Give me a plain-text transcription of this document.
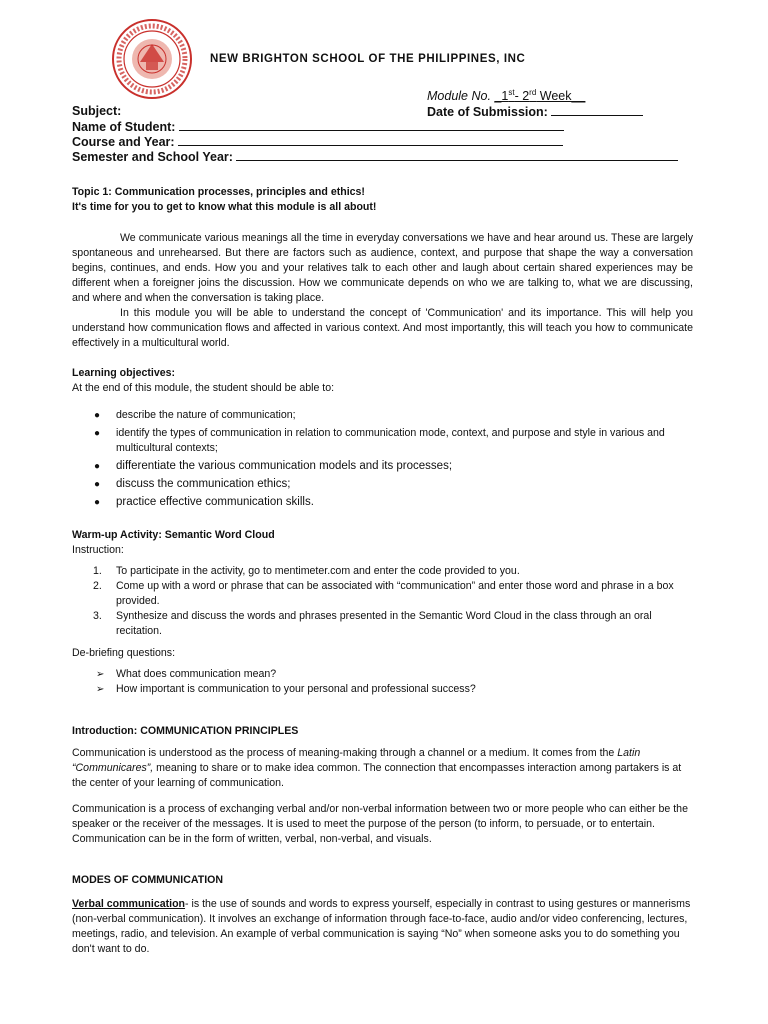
NEW BRIGHTON SCHOOL OF THE PHILIPPINES, INC
Module No. _1st- 2rd Week__
Subject:	Date of Submission:
Name of Student:
Course and Year:
Semester and School Year:

Topic 1: Communication processes, principles and ethics!

It's time for you to get to know what this module is all about!

We communicate various meanings all the time in everyday conversations we have and hear around us. These are largely spontaneous and unrehearsed. But there are factors such as audience, context, and purpose that shape the way a conversation begins, continues, and ends. How you and your relatives talk to each other and laugh about certain shared experiences may be different when a foreigner joins the discussion. How we communicate depends on who we are talking to, what we are discussing, and where and when the conversation is taking place.

In this module you will be able to understand the concept of 'Communication' and its importance. This will help you understand how communication flows and affected in various context. And most importantly, this will teach you how to communicate effectively in a multicultural world.

Learning objectives:

At the end of this module, the student should be able to:

● describe the nature of communication;
● identify the types of communication in relation to communication mode, context, and purpose and style in various and multicultural contexts;
● differentiate the various communication models and its processes;
● discuss the communication ethics;
● practice effective communication skills.

Warm-up Activity: Semantic Word Cloud

Instruction:

1. To participate in the activity, go to mentimeter.com and enter the code provided to you.
2. Come up with a word or phrase that can be associated with “communication” and enter those word and phrase in a box provided.
3. Synthesize and discuss the words and phrases presented in the Semantic Word Cloud in the class through an oral recitation.

De-briefing questions:

➢ What does communication mean?
➢ How important is communication to your personal and professional success?

Introduction: COMMUNICATION PRINCIPLES

Communication is understood as the process of meaning-making through a channel or a medium. It comes from the Latin “Communicares”, meaning to share or to make idea common. The connection that encompasses interaction among partakers is at the center of your learning of communication.

Communication is a process of exchanging verbal and/or non-verbal information between two or more people who can either be the speaker or the receiver of the messages. It is used to meet the purpose of the person (to inform, to persuade, or to entertain. Communication can be in the form of written, verbal, non-verbal, and visuals.

MODES OF COMMUNICATION

Verbal communication- is the use of sounds and words to express yourself, especially in contrast to using gestures or mannerisms (non-verbal communication). It involves an exchange of information through face-to-face, audio and/or video conferencing, lectures, meetings, radio, and television. An example of verbal communication is saying “No” when someone asks you to do something you don't want to do.
